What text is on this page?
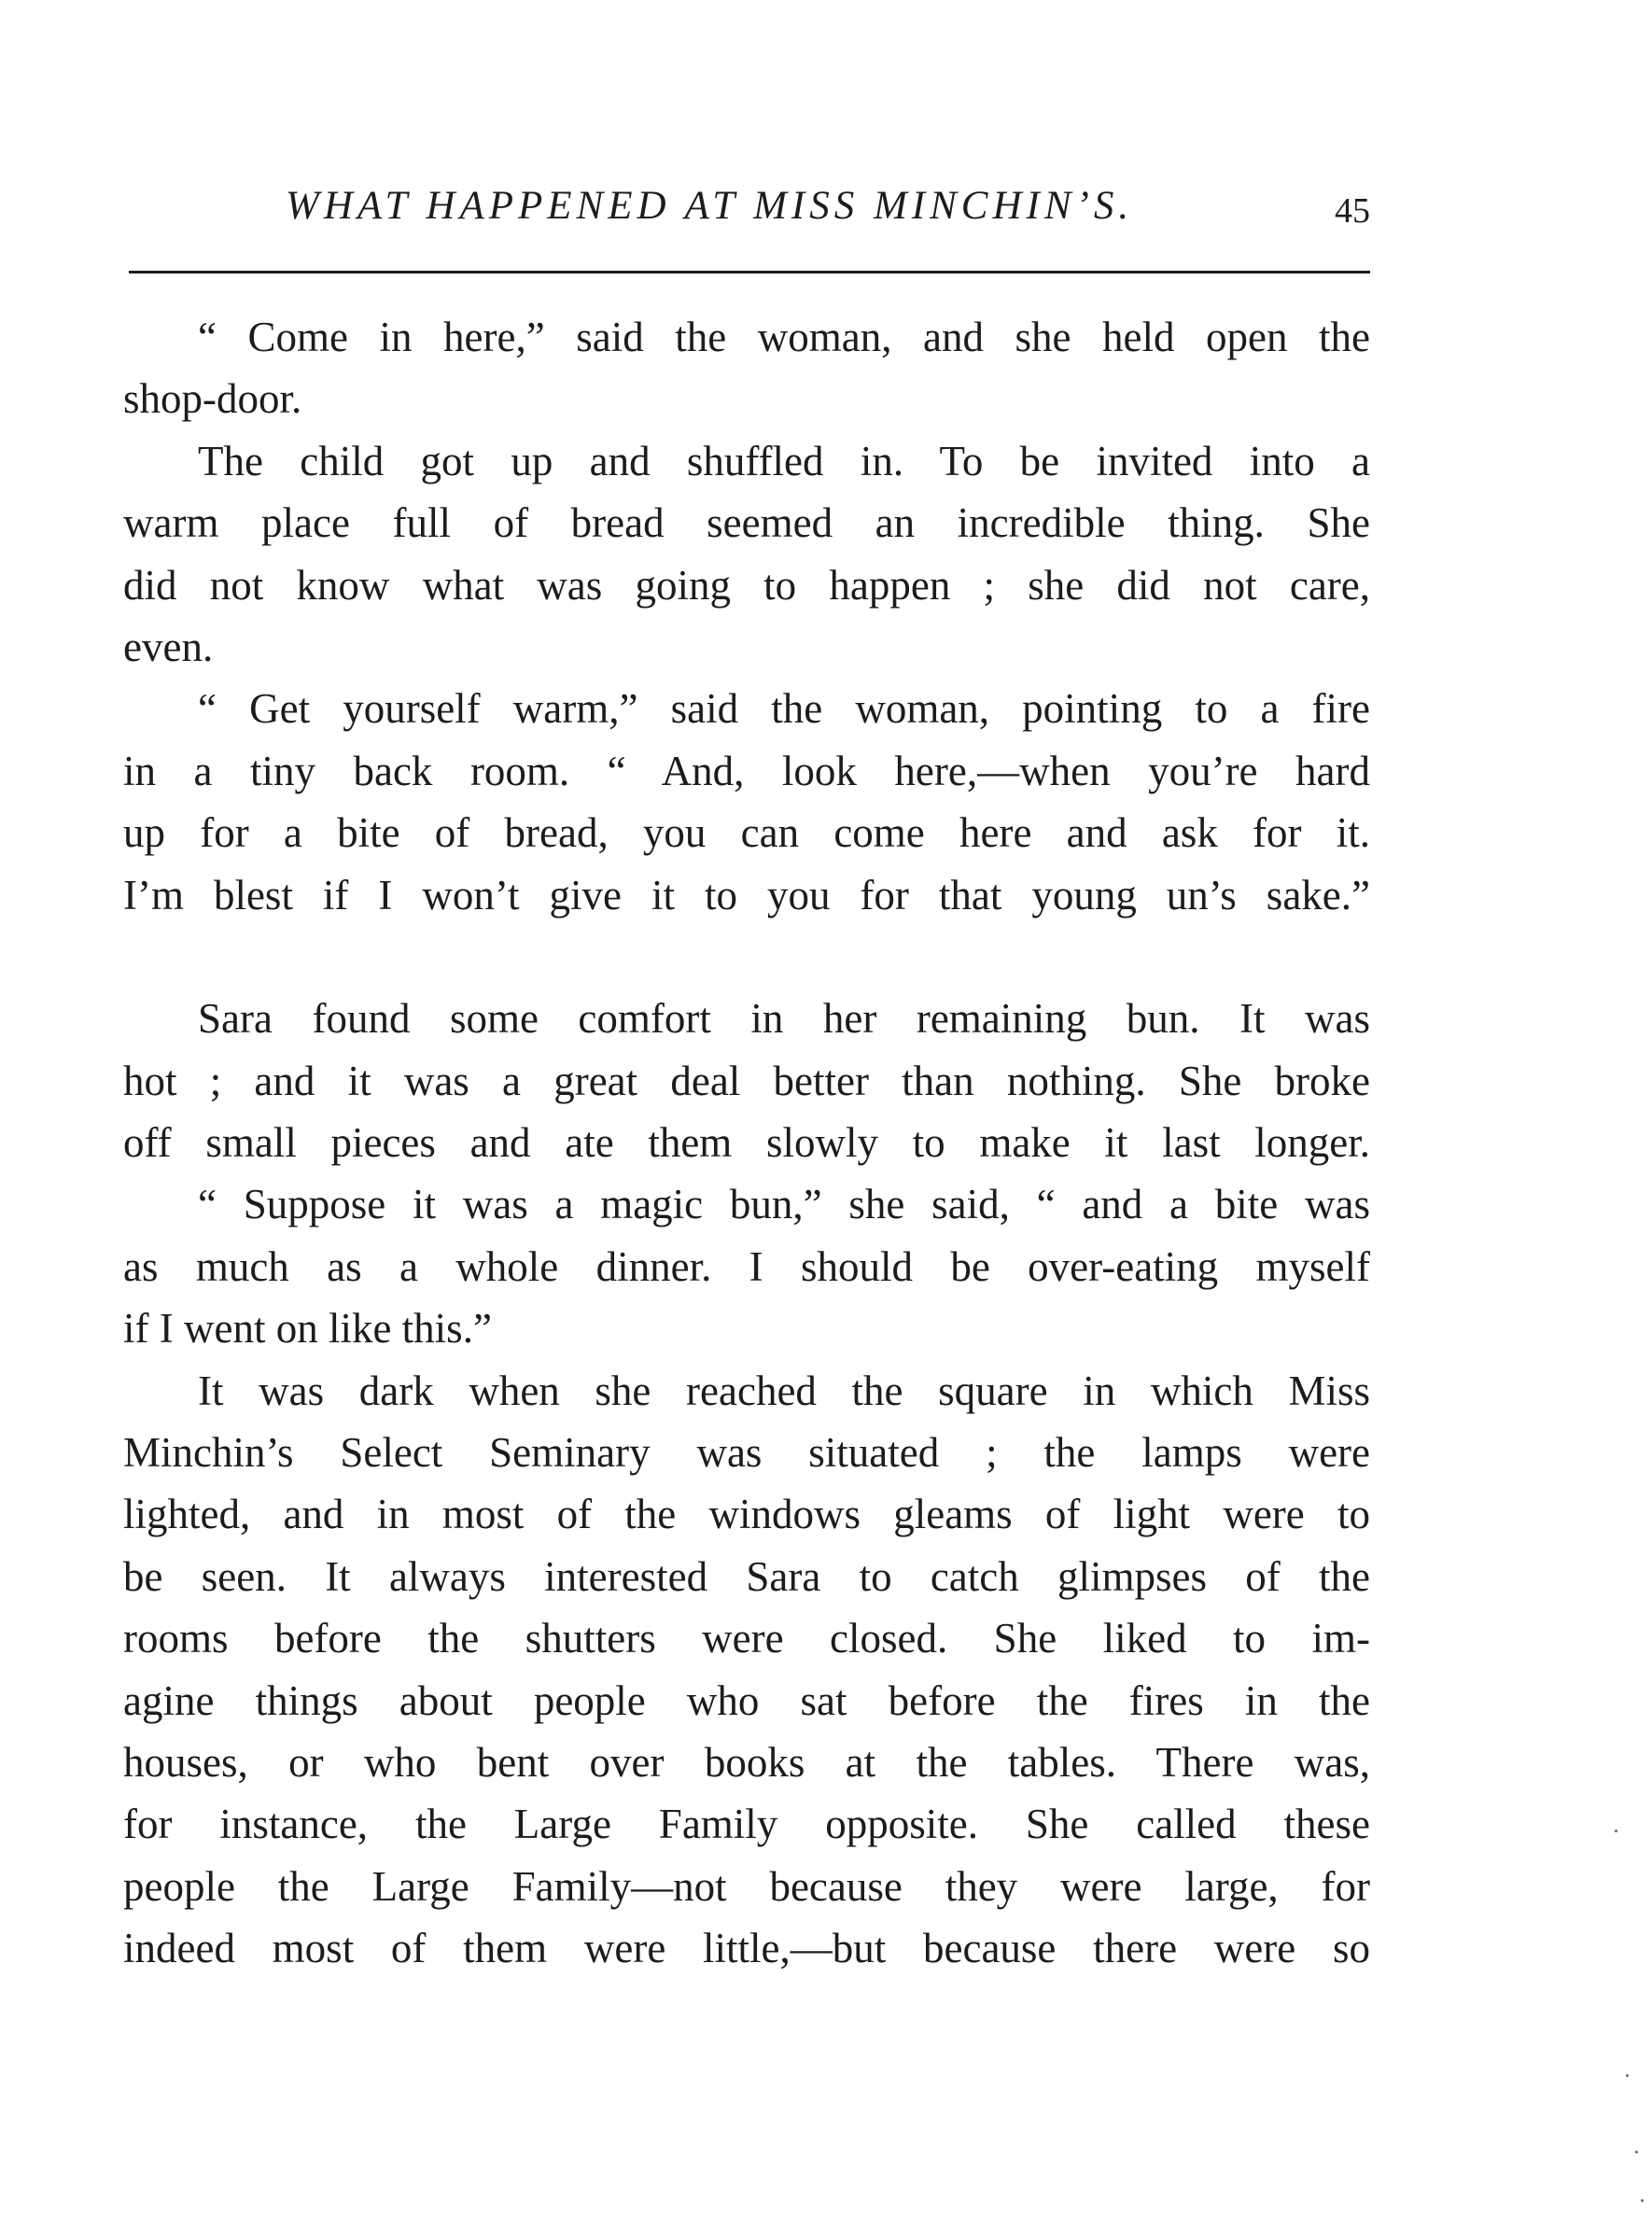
WHAT HAPPENED AT MISS MINCHIN’S.	45
“ Come in here,” said the woman, and she held open the
shop-door.
The child got up and shuffled in. To be invited into a
warm place full of bread seemed an incredible thing. She
did not know what was going to happen ; she did not care,
even.
“ Get yourself warm,” said the woman, pointing to a fire
in a tiny back room. “ And, look here,—when you’re hard
up for a bite of bread, you can come here and ask for it.
I’m blest if I won’t give it to you for that young un’s sake.”
Sara found some comfort in her remaining bun. It was
hot ; and it was a great deal better than nothing. She broke
off small pieces and ate them slowly to make it last longer.
“ Suppose it was a magic bun,” she said, “ and a bite was
as much as a whole dinner. I should be over-eating myself
if I went on like this.”
It was dark when she reached the square in which Miss
Minchin’s Select Seminary was situated ; the lamps were
lighted, and in most of the windows gleams of light were to
be seen. It always interested Sara to catch glimpses of the
rooms before the shutters were closed. She liked to im-
agine things about people who sat before the fires in the
houses, or who bent over books at the tables. There was,
for instance, the Large Family opposite. She called these
people the Large Family—not because they were large, for
indeed most of them were little,—but because there were so
